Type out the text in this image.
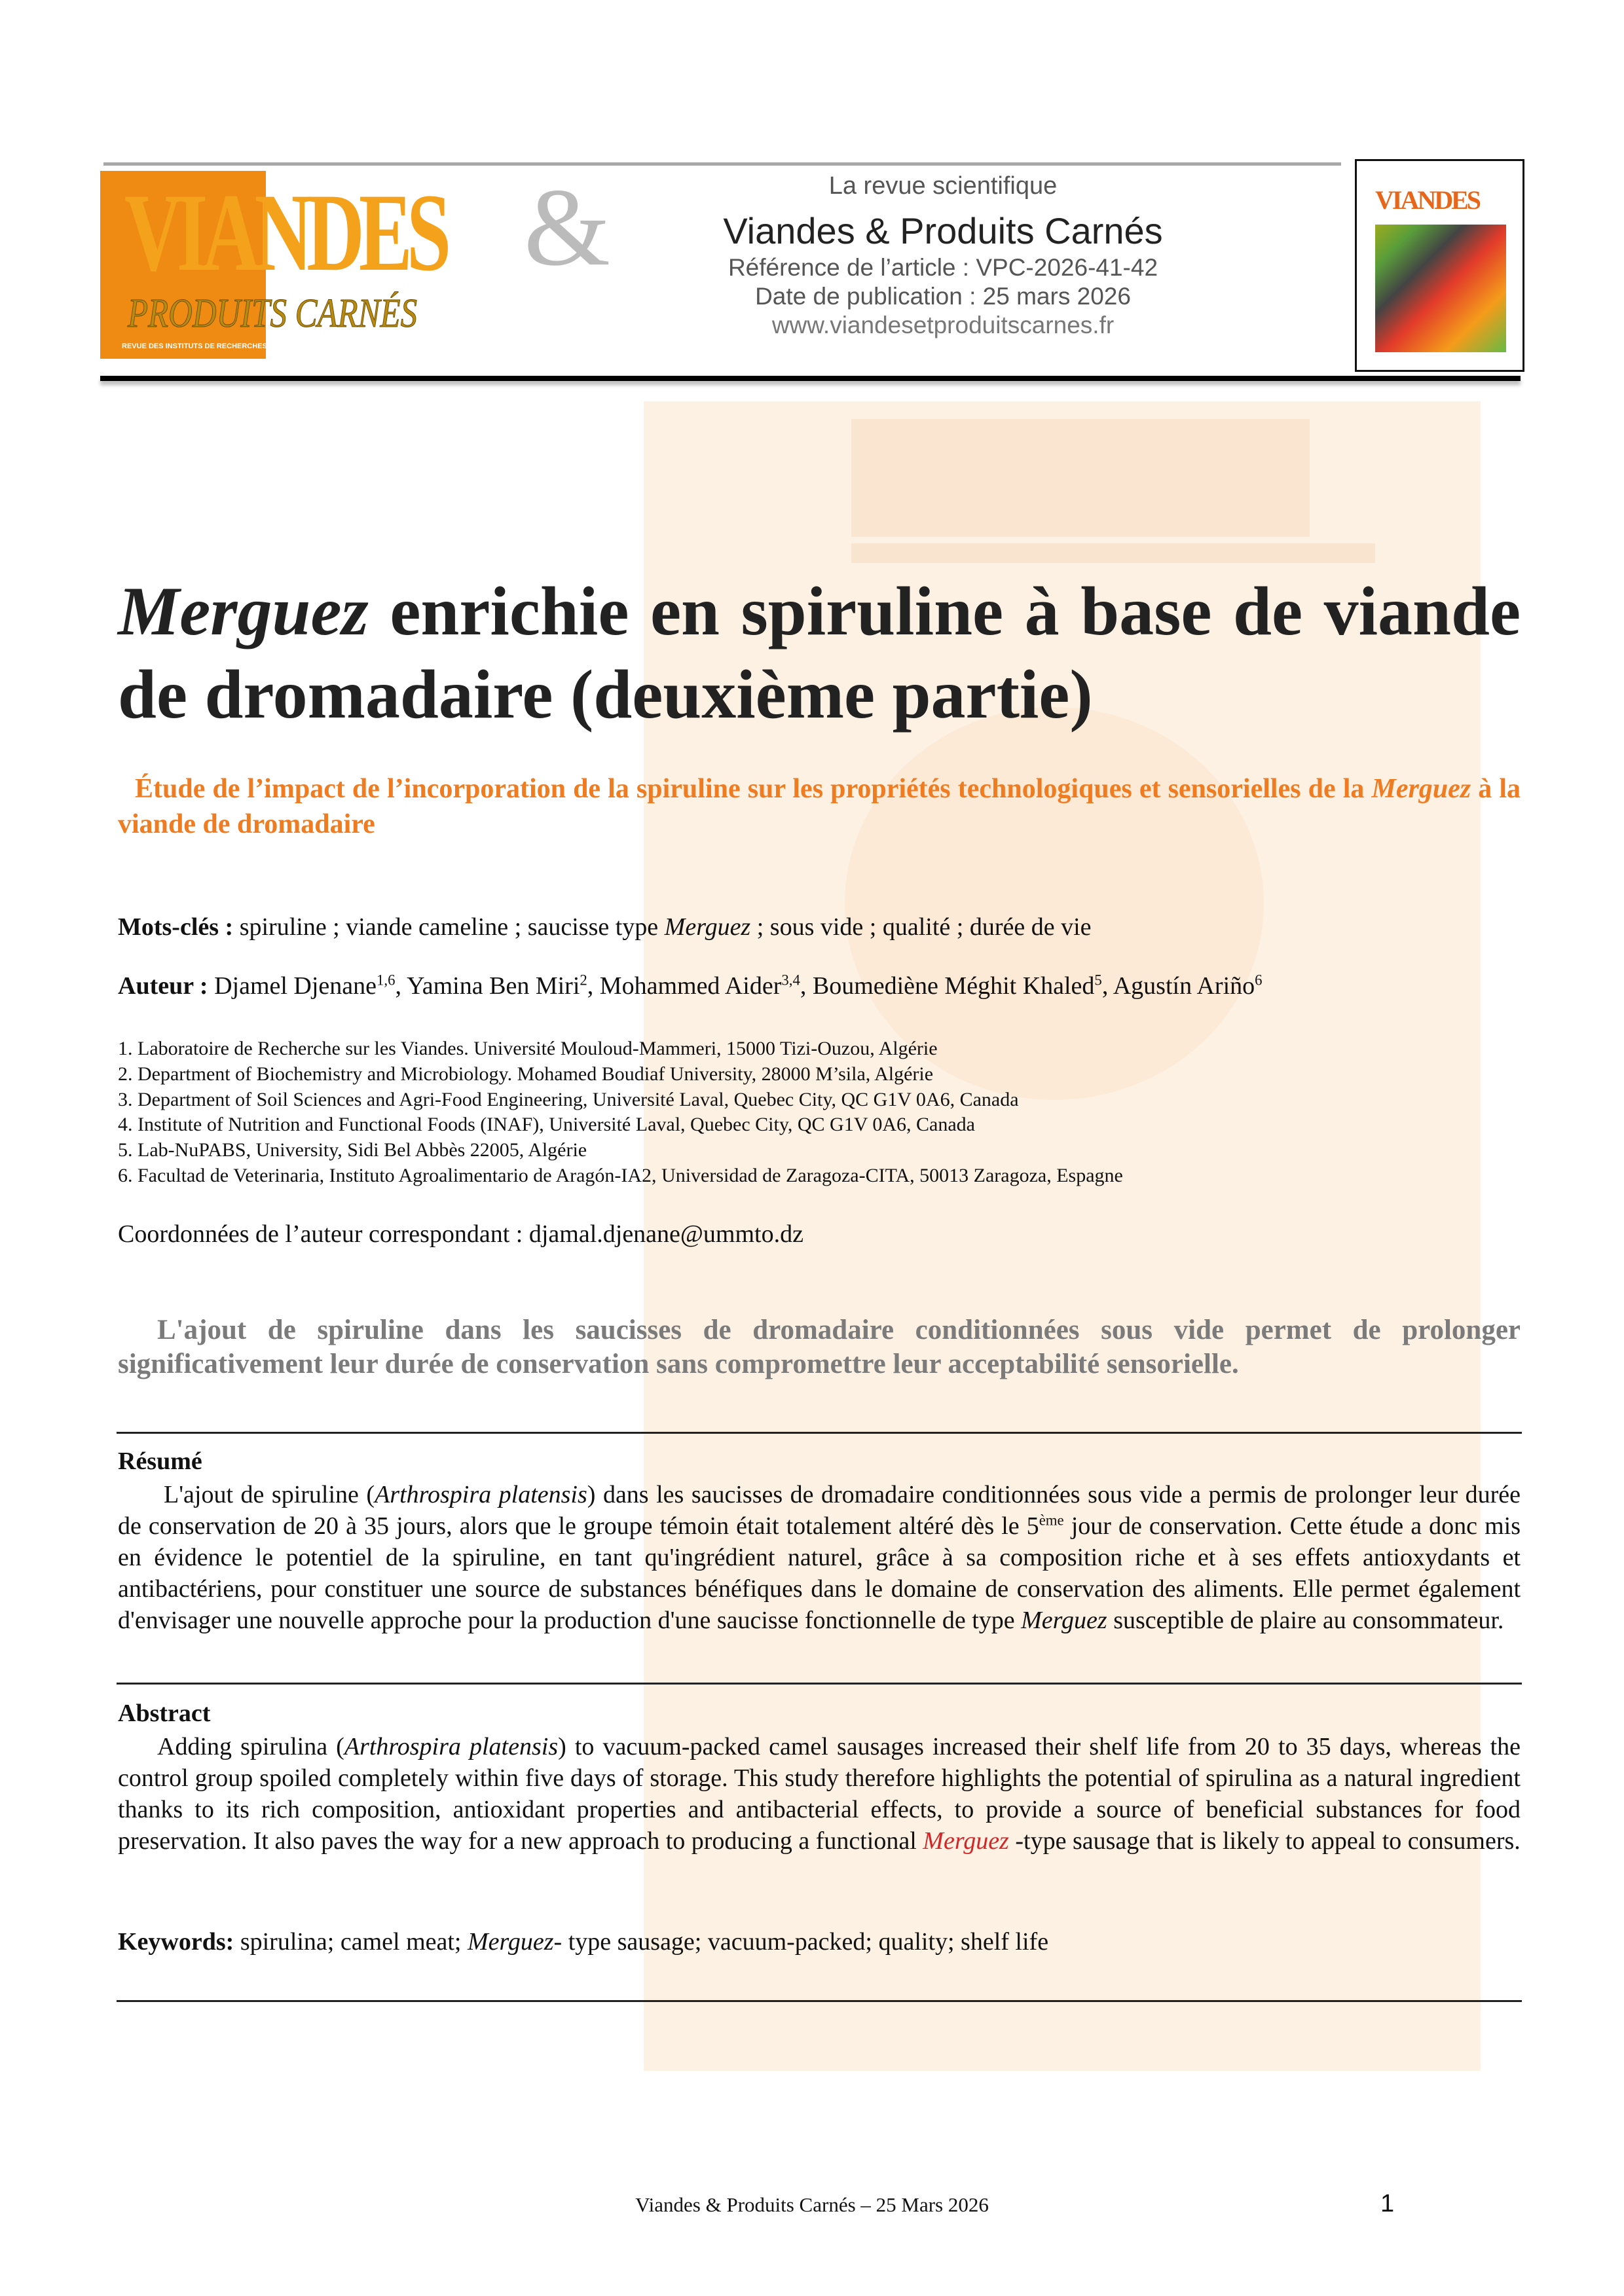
VIANDES &
PRODUITS CARNÉS
REVUE DES INSTITUTS DE RECHERCHES ET DES CENTRES TECHNIQUES DES FILIÈRES VIANDES ET PRODUITS CARNÉS
La revue scientifique
Viandes & Produits Carnés
Référence de l’article : VPC-2026-41-42
Date de publication : 25 mars 2026
www.viandesetproduitscarnes.fr
VIANDES
Merguez enrichie en spiruline à base de viande de dromadaire (deuxième partie)
Étude de l’impact de l’incorporation de la spiruline sur les propriétés technologiques et sensorielles de la Merguez à la viande de dromadaire
Mots-clés : spiruline ; viande cameline ; saucisse type Merguez ; sous vide ; qualité ; durée de vie
Auteur : Djamel Djenane$^{1,6}$, Yamina Ben Miri$^2$, Mohammed Aider$^{3,4}$, Boumediène Méghit Khaled$^5$, Agustín Ariño$^6$
1. Laboratoire de Recherche sur les Viandes. Université Mouloud-Mammeri, 15000 Tizi-Ouzou, Algérie
2. Department of Biochemistry and Microbiology. Mohamed Boudiaf University, 28000 M’sila, Algérie
3. Department of Soil Sciences and Agri-Food Engineering, Université Laval, Quebec City, QC G1V 0A6, Canada
4. Institute of Nutrition and Functional Foods (INAF), Université Laval, Quebec City, QC G1V 0A6, Canada
5. Lab-NuPABS, University, Sidi Bel Abbès 22005, Algérie
6. Facultad de Veterinaria, Instituto Agroalimentario de Aragón-IA2, Universidad de Zaragoza-CITA, 50013 Zaragoza, Espagne
Coordonnées de l’auteur correspondant : djamal.djenane@ummto.dz
L'ajout de spiruline dans les saucisses de dromadaire conditionnées sous vide permet de prolonger significativement leur durée de conservation sans compromettre leur acceptabilité sensorielle.
Résumé
L'ajout de spiruline (Arthrospira platensis) dans les saucisses de dromadaire conditionnées sous vide a permis de prolonger leur durée de conservation de 20 à 35 jours, alors que le groupe témoin était totalement altéré dès le 5ème jour de conservation. Cette étude a donc mis en évidence le potentiel de la spiruline, en tant qu'ingrédient naturel, grâce à sa composition riche et à ses effets antioxydants et antibactériens, pour constituer une source de substances bénéfiques dans le domaine de conservation des aliments. Elle permet également d'envisager une nouvelle approche pour la production d'une saucisse fonctionnelle de type Merguez susceptible de plaire au consommateur.
Abstract
Adding spirulina (Arthrospira platensis) to vacuum-packed camel sausages increased their shelf life from 20 to 35 days, whereas the control group spoiled completely within five days of storage. This study therefore highlights the potential of spirulina as a natural ingredient thanks to its rich composition, antioxidant properties and antibacterial effects, to provide a source of beneficial substances for food preservation. It also paves the way for a new approach to producing a functional Merguez -type sausage that is likely to appeal to consumers.
Keywords: spirulina; camel meat; Merguez- type sausage; vacuum-packed; quality; shelf life
Viandes & Produits Carnés – 25 Mars 2026	1
